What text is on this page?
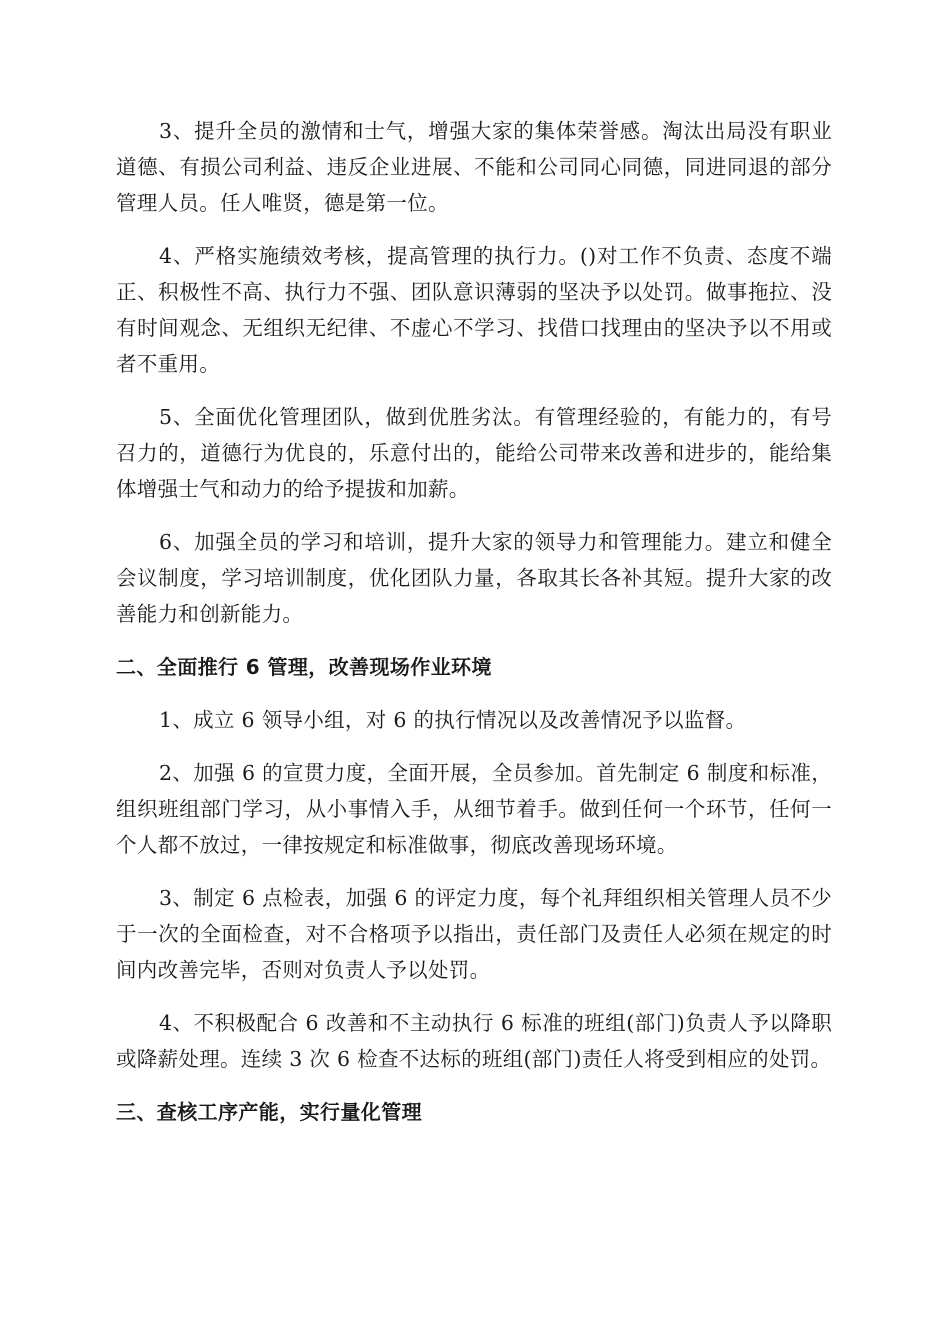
3、提升全员的激情和士气，增强大家的集体荣誉感。淘汰出局没有职业道德、有损公司利益、违反企业进展、不能和公司同心同德，同进同退的部分管理人员。任人唯贤，德是第一位。

4、严格实施绩效考核，提高管理的执行力。()对工作不负责、态度不端正、积极性不高、执行力不强、团队意识薄弱的坚决予以处罚。做事拖拉、没有时间观念、无组织无纪律、不虚心不学习、找借口找理由的坚决予以不用或者不重用。

5、全面优化管理团队，做到优胜劣汰。有管理经验的，有能力的，有号召力的，道德行为优良的，乐意付出的，能给公司带来改善和进步的，能给集体增强士气和动力的给予提拔和加薪。

6、加强全员的学习和培训，提升大家的领导力和管理能力。建立和健全会议制度，学习培训制度，优化团队力量，各取其长各补其短。提升大家的改善能力和创新能力。

二、全面推行 6 管理，改善现场作业环境

1、成立 6 领导小组，对 6 的执行情况以及改善情况予以监督。

2、加强 6 的宣贯力度，全面开展，全员参加。首先制定 6 制度和标准，组织班组部门学习，从小事情入手，从细节着手。做到任何一个环节，任何一个人都不放过，一律按规定和标准做事，彻底改善现场环境。

3、制定 6 点检表，加强 6 的评定力度，每个礼拜组织相关管理人员不少于一次的全面检查，对不合格项予以指出，责任部门及责任人必须在规定的时间内改善完毕，否则对负责人予以处罚。

4、不积极配合 6 改善和不主动执行 6 标准的班组(部门)负责人予以降职或降薪处理。连续 3 次 6 检查不达标的班组(部门)责任人将受到相应的处罚。

三、查核工序产能，实行量化管理
